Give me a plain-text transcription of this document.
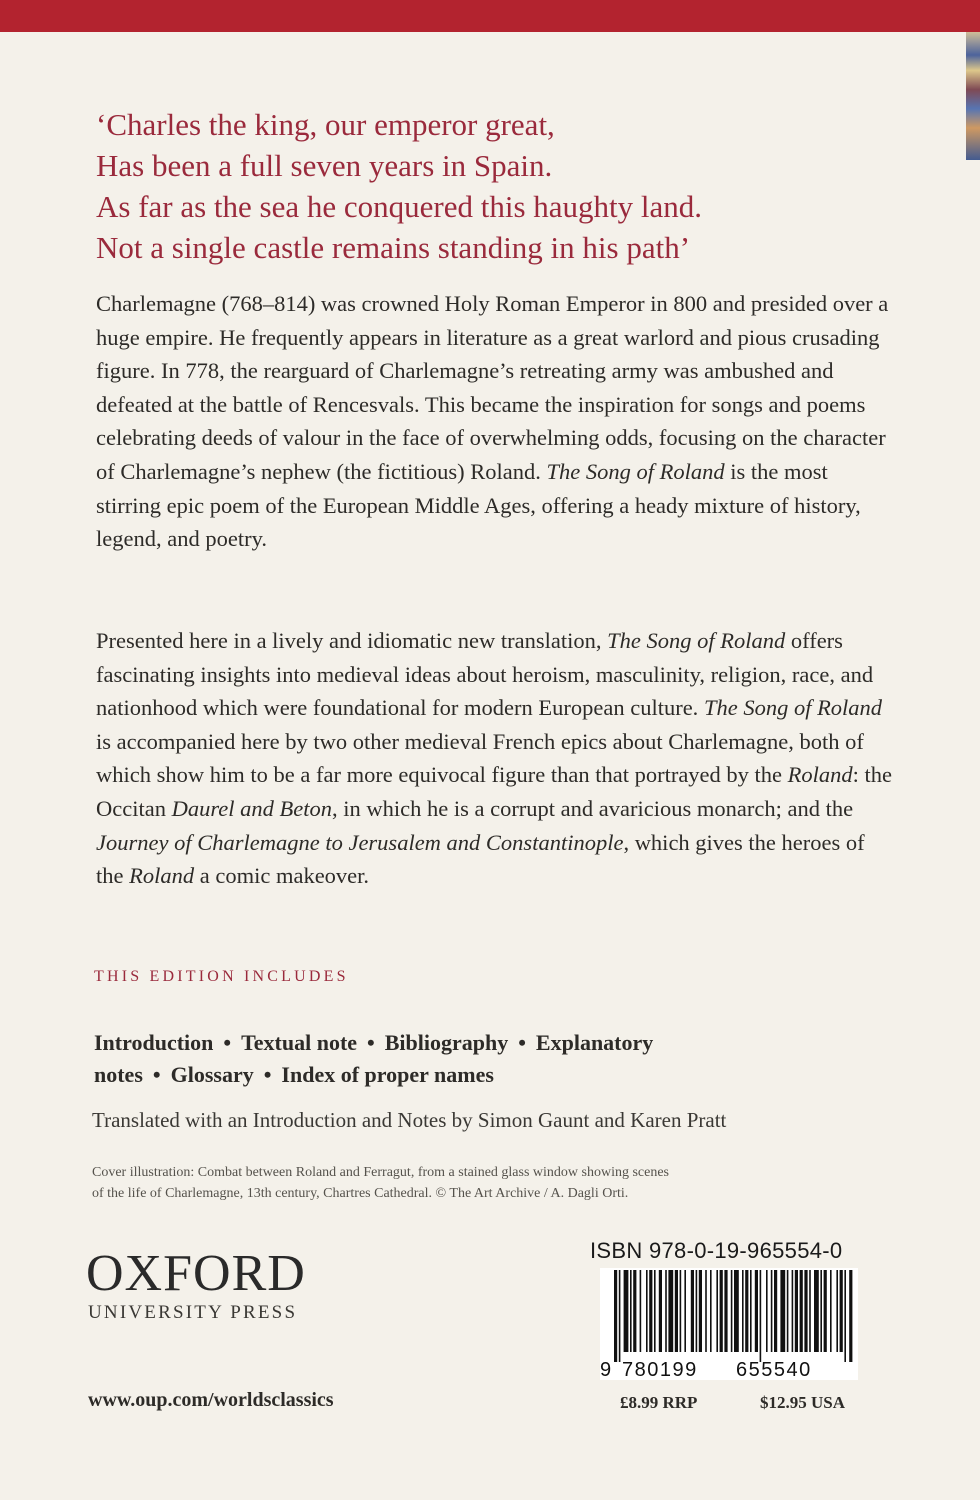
‘Charles the king, our emperor great,
Has been a full seven years in Spain.
As far as the sea he conquered this haughty land.
Not a single castle remains standing in his path’
Charlemagne (768–814) was crowned Holy Roman Emperor in 800 and presided over a huge empire. He frequently appears in literature as a great warlord and pious crusading figure. In 778, the rearguard of Charlemagne’s retreating army was ambushed and defeated at the battle of Rencesvals. This became the inspiration for songs and poems celebrating deeds of valour in the face of overwhelming odds, focusing on the character of Charlemagne’s nephew (the fictitious) Roland. The Song of Roland is the most stirring epic poem of the European Middle Ages, offering a heady mixture of history, legend, and poetry.
Presented here in a lively and idiomatic new translation, The Song of Roland offers fascinating insights into medieval ideas about heroism, masculinity, religion, race, and nationhood which were foundational for modern European culture. The Song of Roland is accompanied here by two other medieval French epics about Charlemagne, both of which show him to be a far more equivocal figure than that portrayed by the Roland: the Occitan Daurel and Beton, in which he is a corrupt and avaricious monarch; and the Journey of Charlemagne to Jerusalem and Constantinople, which gives the heroes of the Roland a comic makeover.
THIS EDITION INCLUDES
Introduction • Textual note • Bibliography • Explanatory notes • Glossary • Index of proper names
Translated with an Introduction and Notes by Simon Gaunt and Karen Pratt
Cover illustration: Combat between Roland and Ferragut, from a stained glass window showing scenes
of the life of Charlemagne, 13th century, Chartres Cathedral. © The Art Archive / A. Dagli Orti.
OXFORD
UNIVERSITY PRESS
www.oup.com/worldsclassics
ISBN 978-0-19-965554-0
9 780199 655540
£8.99 RRP	$12.95 USA
